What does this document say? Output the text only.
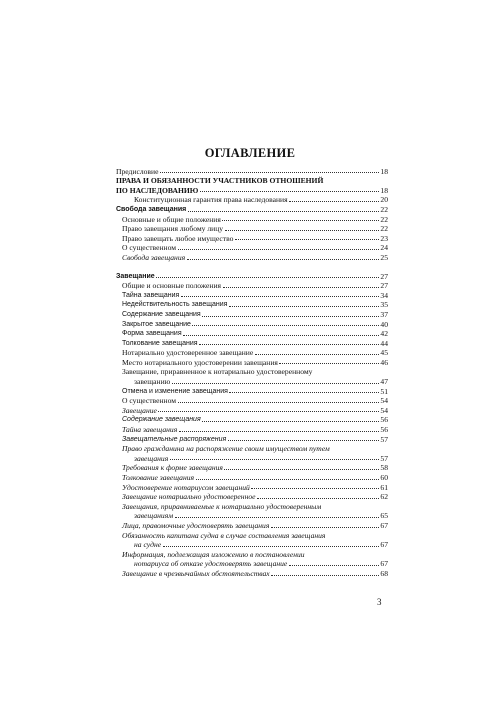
ОГЛАВЛЕНИЕ
Предисловие	18
ПРАВА И ОБЯЗАННОСТИ УЧАСТНИКОВ ОТНОШЕНИЙ
ПО НАСЛЕДОВАНИЮ	18
Конституционная гарантия права наследования	20
Свобода завещания	22
Основные и общие положения	22
Право завещания любому лицу	22
Право завещать любое имущество	23
О существенном	24
Свобода завещания	25
Завещание	27
Общие и основные положения	27
Тайна завещания	34
Недействительность завещания	35
Содержание завещания	37
Закрытое завещание	40
Форма завещания	42
Толкование завещания	44
Нотариально удостоверенное завещание	45
Место нотариального удостоверении завещания	46
Завещание, приравненное к нотариально удостоверенному
завещанию	47
Отмена и изменение завещания	51
О существенном	54
Завещание	54
Содержание завещания	56
Тайна завещания	56
Завещательные распоряжения	57
Право гражданина на распоряжение своим имуществом путем
завещания	57
Требования к форме завещания	58
Толкование завещания	60
Удостоверение нотариусом завещаний	61
Завещание нотариально удостоверенное	62
Завещания, приравниваемые к нотариально удостоверенным
завещаниям	65
Лица, правомочные удостоверять завещания	67
Обязанность капитана судна в случае составления завещания
на судне	67
Информация, подлежащая изложению в постановлении
нотариуса об отказе удостоверять завещание	67
Завещание в чрезвычайных обстоятельствах	68
3
